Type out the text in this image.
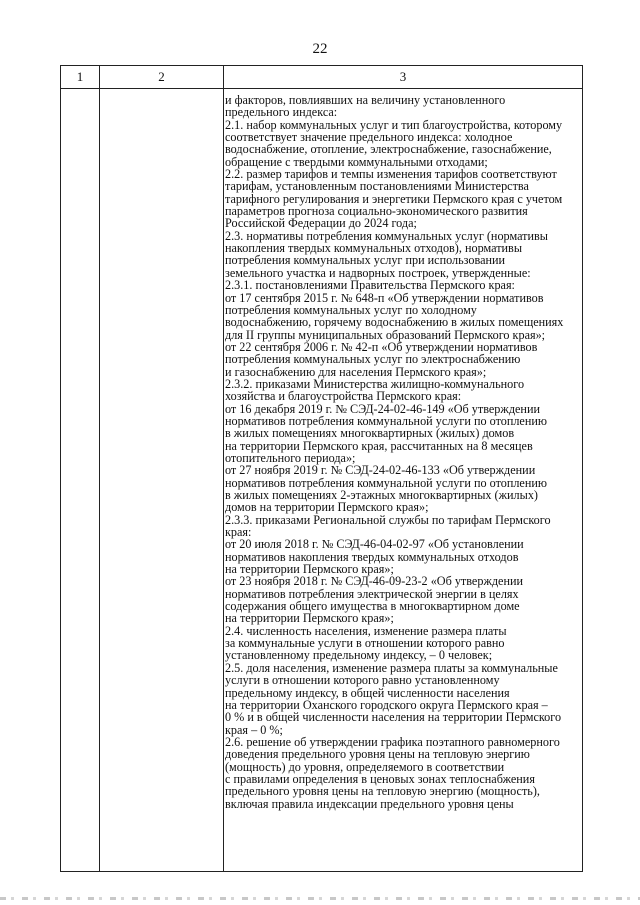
22
1	2	3
и факторов, повлиявших на величину установленного
предельного индекса:
2.1. набор коммунальных услуг и тип благоустройства, которому
соответствует значение предельного индекса: холодное
водоснабжение, отопление, электроснабжение, газоснабжение,
обращение с твердыми коммунальными отходами;
2.2. размер тарифов и темпы изменения тарифов соответствуют
тарифам, установленным постановлениями Министерства
тарифного регулирования и энергетики Пермского края с учетом
параметров прогноза социально-экономического развития
Российской Федерации до 2024 года;
2.3. нормативы потребления коммунальных услуг (нормативы
накопления твердых коммунальных отходов), нормативы
потребления коммунальных услуг при использовании
земельного участка и надворных построек, утвержденные:
2.3.1. постановлениями Правительства Пермского края:
от 17 сентября 2015 г. № 648-п «Об утверждении нормативов
потребления коммунальных услуг по холодному
водоснабжению, горячему водоснабжению в жилых помещениях
для II группы муниципальных образований Пермского края»;
от 22 сентября 2006 г. № 42-п «Об утверждении нормативов
потребления коммунальных услуг по электроснабжению
и газоснабжению для населения Пермского края»;
2.3.2. приказами Министерства жилищно-коммунального
хозяйства и благоустройства Пермского края:
от 16 декабря 2019 г. № СЭД-24-02-46-149 «Об утверждении
нормативов потребления коммунальной услуги по отоплению
в жилых помещениях многоквартирных (жилых) домов
на территории Пермского края, рассчитанных на 8 месяцев
отопительного периода»;
от 27 ноября 2019 г. № СЭД-24-02-46-133 «Об утверждении
нормативов потребления коммунальной услуги по отоплению
в жилых помещениях 2-этажных многоквартирных (жилых)
домов на территории Пермского края»;
2.3.3. приказами Региональной службы по тарифам Пермского
края:
от 20 июля 2018 г. № СЭД-46-04-02-97 «Об установлении
нормативов накопления твердых коммунальных отходов
на территории Пермского края»;
от 23 ноября 2018 г. № СЭД-46-09-23-2 «Об утверждении
нормативов потребления электрической энергии в целях
содержания общего имущества в многоквартирном доме
на территории Пермского края»;
2.4. численность населения, изменение размера платы
за коммунальные услуги в отношении которого равно
установленному предельному индексу, – 0 человек;
2.5. доля населения, изменение размера платы за коммунальные
услуги в отношении которого равно установленному
предельному индексу, в общей численности населения
на территории Оханского городского округа Пермского края –
0 % и в общей численности населения на территории Пермского
края – 0 %;
2.6. решение об утверждении графика поэтапного равномерного
доведения предельного уровня цены на тепловую энергию
(мощность) до уровня, определяемого в соответствии
с правилами определения в ценовых зонах теплоснабжения
предельного уровня цены на тепловую энергию (мощность),
включая правила индексации предельного уровня цены
